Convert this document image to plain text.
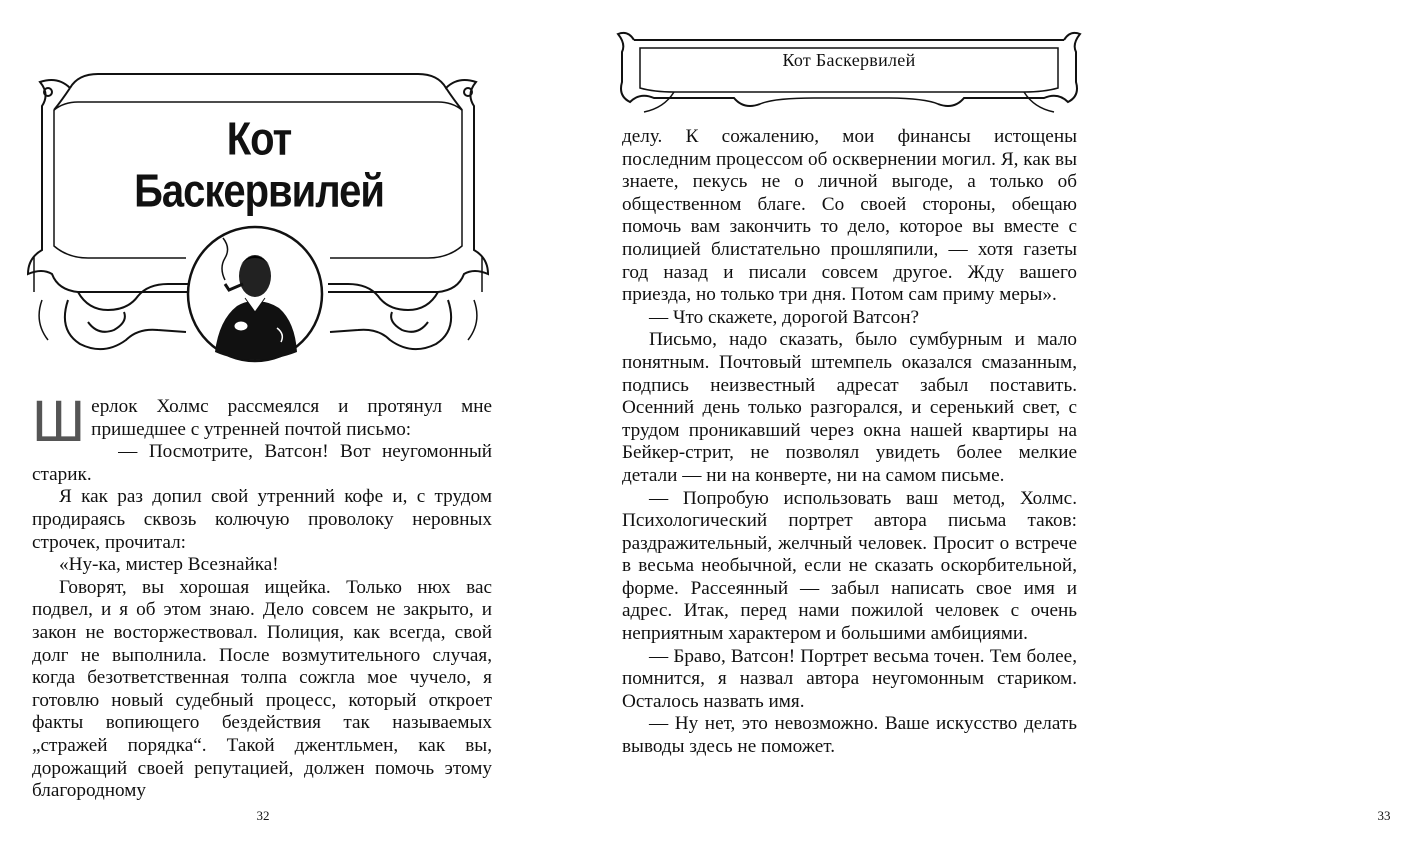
Кот Баскервилей

Шерлок Холмс рассмеялся и протянул мне пришедшее с утренней почтой письмо:

— Посмотрите, Ватсон! Вот неугомонный старик.

Я как раз допил свой утренний кофе и, с трудом продираясь сквозь колючую проволоку неровных строчек, прочитал:

«Ну-ка, мистер Всезнайка!

Говорят, вы хорошая ищейка. Только нюх вас подвел, и я об этом знаю. Дело совсем не закрыто, и закон не восторжествовал. Полиция, как всегда, свой долг не выполнила. После возмутительного случая, когда безответственная толпа сожгла мое чучело, я готовлю новый судебный процесс, который откроет факты вопиющего бездействия так называемых „стражей порядка“. Такой джентльмен, как вы, дорожащий своей репутацией, должен помочь этому благородному

32
Кот Баскервилей

делу. К сожалению, мои финансы истощены последним процессом об осквернении могил. Я, как вы знаете, пекусь не о личной выгоде, а только об общественном благе. Со своей стороны, обещаю помочь вам закончить то дело, которое вы вместе с полицией блистательно прошляпили, — хотя газеты год назад и писали совсем другое. Жду вашего приезда, но только три дня. Потом сам приму меры».

— Что скажете, дорогой Ватсон?

Письмо, надо сказать, было сумбурным и мало понятным. Почтовый штемпель оказался смазанным, подпись неизвестный адресат забыл поставить. Осенний день только разгорался, и серенький свет, с трудом проникавший через окна нашей квартиры на Бейкер-стрит, не позволял увидеть более мелкие детали — ни на конверте, ни на самом письме.

— Попробую использовать ваш метод, Холмс. Психологический портрет автора письма таков: раздражительный, желчный человек. Просит о встрече в весьма необычной, если не сказать оскорбительной, форме. Рассеянный — забыл написать свое имя и адрес. Итак, перед нами пожилой человек с очень неприятным характером и большими амбициями.

— Браво, Ватсон! Портрет весьма точен. Тем более, помнится, я назвал автора неугомонным стариком. Осталось назвать имя.

— Ну нет, это невозможно. Ваше искусство делать выводы здесь не поможет.

33
